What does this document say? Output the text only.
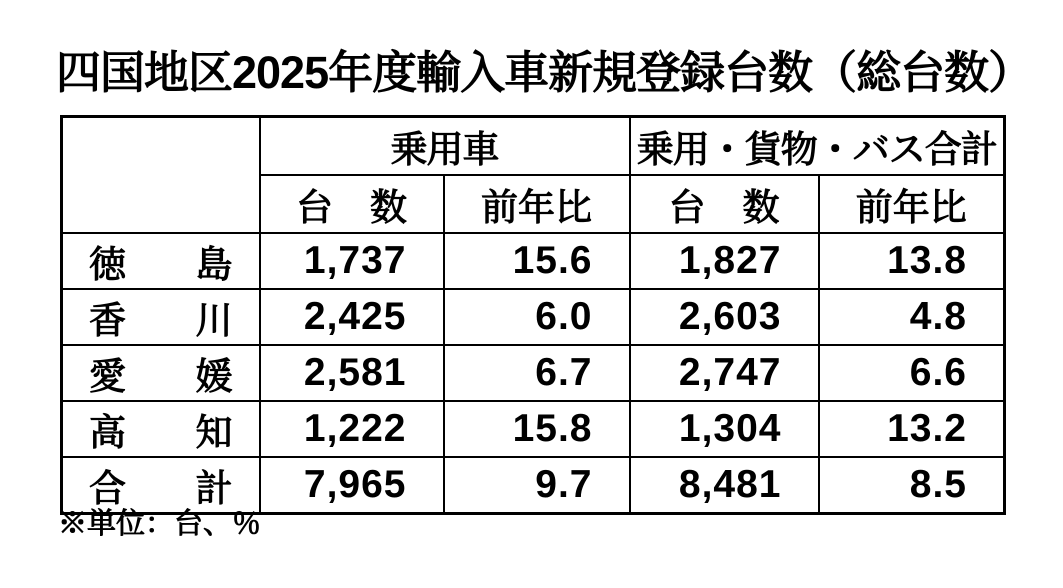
四国地区2025年度輸入車新規登録台数（総台数）
	乗用車		乗用・貨物・バス合計	
	台　数	前年比	台　数	前年比

徳島	1,737	15.6	1,827	13.8

香川	2,425	6.0	2,603	4.8

愛媛	2,581	6.7	2,747	6.6

高知	1,222	15.8	1,304	13.2

合計	7,965	9.7	8,481	8.5
※単位：台、％
